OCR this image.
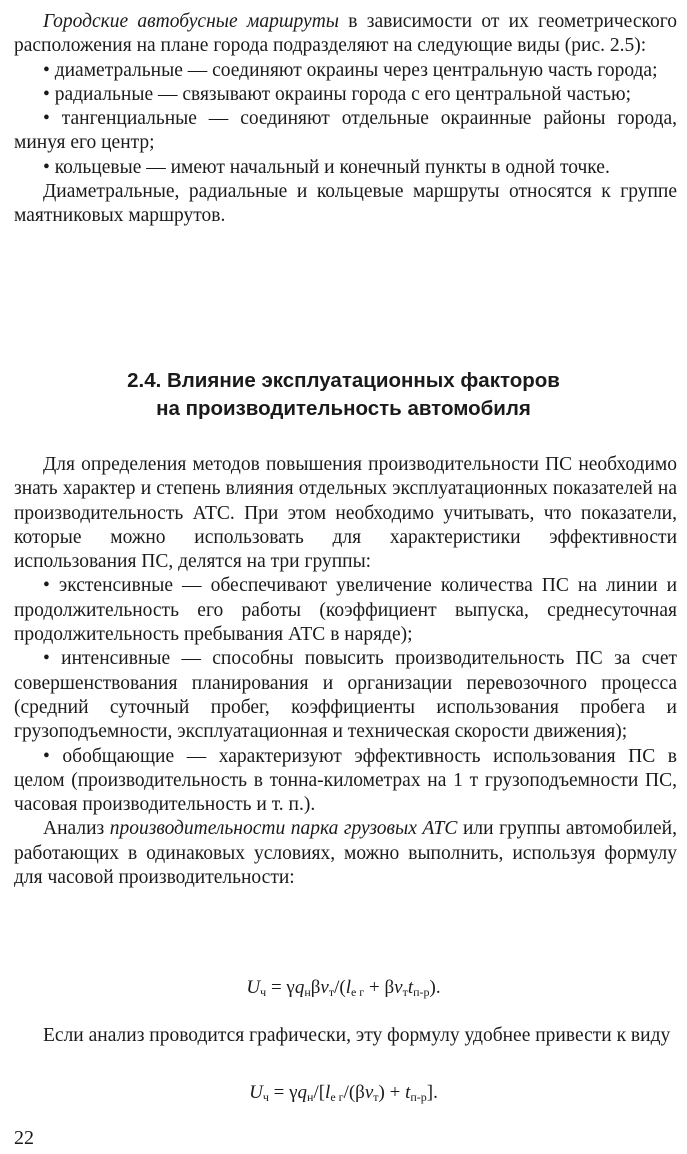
Городские автобусные маршруты в зависимости от их геометрического расположения на плане города подразделяют на следующие виды (рис. 2.5):

• диаметральные — соединяют окраины через центральную часть города;

• радиальные — связывают окраины города с его центральной частью;

• тангенциальные — соединяют отдельные окраинные районы города, минуя его центр;

• кольцевые — имеют начальный и конечный пункты в одной точке.

Диаметральные, радиальные и кольцевые маршруты относятся к группе маятниковых маршрутов.

2.4. Влияние эксплуатационных факторов
на производительность автомобиля

Для определения методов повышения производительности ПС необходимо знать характер и степень влияния отдельных эксплуатационных показателей на производительность АТС. При этом необходимо учитывать, что показатели, которые можно использовать для характеристики эффективности использования ПС, делятся на три группы:

• экстенсивные — обеспечивают увеличение количества ПС на линии и продолжительность его работы (коэффициент выпуска, среднесуточная продолжительность пребывания АТС в наряде);

• интенсивные — способны повысить производительность ПС за счет совершенствования планирования и организации перевозочного процесса (средний суточный пробег, коэффициенты использования пробега и грузоподъемности, эксплуатационная и техническая скорости движения);

• обобщающие — характеризуют эффективность использования ПС в целом (производительность в тонна-километрах на 1 т грузоподъемности ПС, часовая производительность и т. п.).

Анализ производительности парка грузовых АТС или группы автомобилей, работающих в одинаковых условиях, можно выполнить, используя формулу для часовой производительности:

$U_ч = \gamma q_н\beta v_т/(l_{е г} + \beta v_тt_{п-р})$.

Если анализ проводится графически, эту формулу удобнее привести к виду

$U_ч = \gamma q_н/[l_{е г}/(\beta v_т) + t_{п-р}]$.
22
